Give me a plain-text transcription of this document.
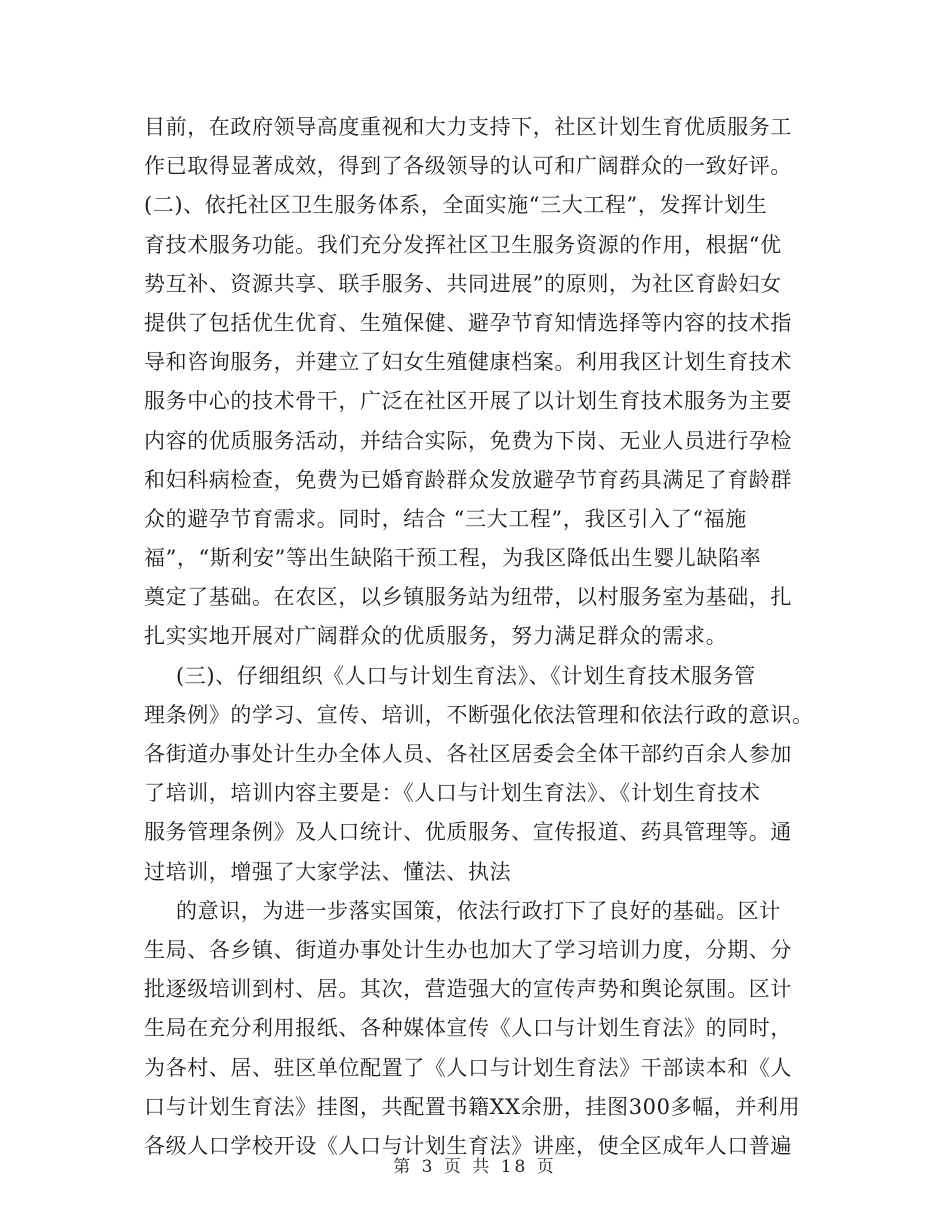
目前，在政府领导高度重视和大力支持下，社区计划生育优质服务工
作已取得显著成效，得到了各级领导的认可和广阔群众的一致好评。
(二)、依托社区卫生服务体系，全面实施“三大工程”，发挥计划生
育技术服务功能。我们充分发挥社区卫生服务资源的作用，根据“优
势互补、资源共享、联手服务、共同进展”的原则，为社区育龄妇女
提供了包括优生优育、生殖保健、避孕节育知情选择等内容的技术指
导和咨询服务，并建立了妇女生殖健康档案。利用我区计划生育技术
服务中心的技术骨干，广泛在社区开展了以计划生育技术服务为主要
内容的优质服务活动，并结合实际，免费为下岗、无业人员进行孕检
和妇科病检查，免费为已婚育龄群众发放避孕节育药具满足了育龄群
众的避孕节育需求。同时，结合 “三大工程”，我区引入了“福施
福”，“斯利安”等出生缺陷干预工程，为我区降低出生婴儿缺陷率
奠定了基础。在农区，以乡镇服务站为纽带，以村服务室为基础，扎
扎实实地开展对广阔群众的优质服务，努力满足群众的需求。
(三)、仔细组织《人口与计划生育法》、《计划生育技术服务管
理条例》的学习、宣传、培训，不断强化依法管理和依法行政的意识。
各街道办事处计生办全体人员、各社区居委会全体干部约百余人参加
了培训，培训内容主要是：《人口与计划生育法》、《计划生育技术
服务管理条例》及人口统计、优质服务、宣传报道、药具管理等。通
过培训，增强了大家学法、懂法、执法
的意识，为进一步落实国策，依法行政打下了良好的基础。区计
生局、各乡镇、街道办事处计生办也加大了学习培训力度，分期、分
批逐级培训到村、居。其次，营造强大的宣传声势和舆论氛围。区计
生局在充分利用报纸、各种媒体宣传《人口与计划生育法》的同时，
为各村、居、驻区单位配置了《人口与计划生育法》干部读本和《人
口与计划生育法》挂图，共配置书籍XX余册，挂图300多幅，并利用
各级人口学校开设《人口与计划生育法》讲座，使全区成年人口普遍
第 3 页 共 18 页
